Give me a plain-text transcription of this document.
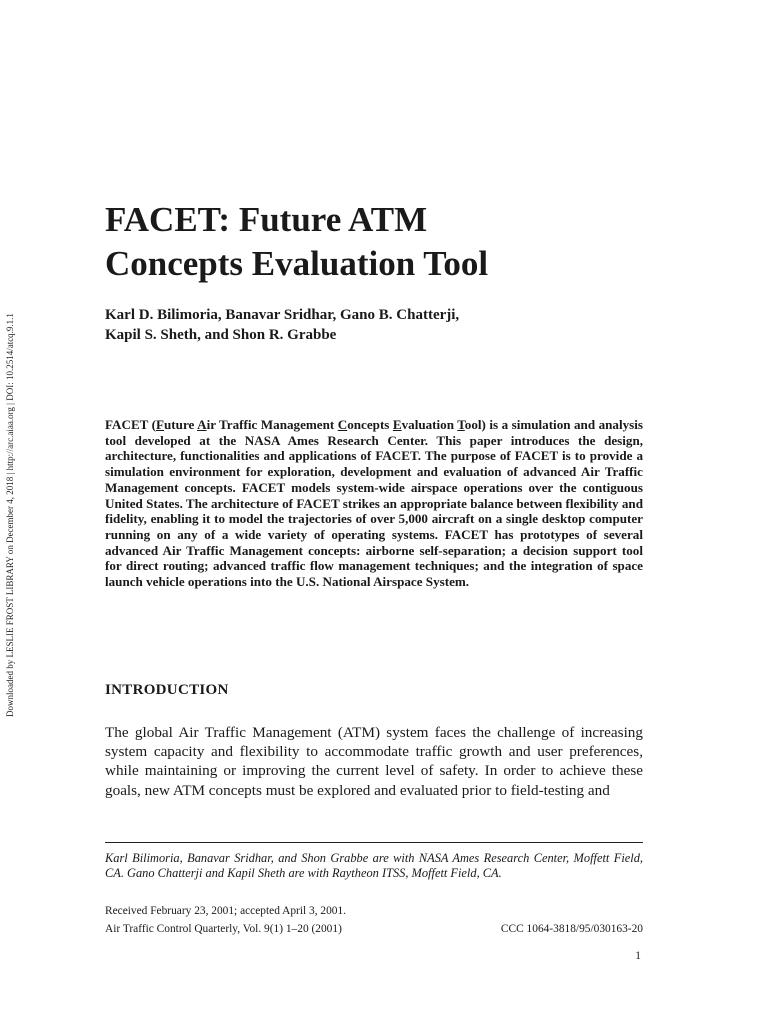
Downloaded by LESLIE FROST LIBRARY on December 4, 2018 | http://arc.aiaa.org | DOI: 10.2514/atcq.9.1.1
FACET: Future ATM
Concepts Evaluation Tool
Karl D. Bilimoria, Banavar Sridhar, Gano B. Chatterji,
Kapil S. Sheth, and Shon R. Grabbe

FACET (Future Air Traffic Management Concepts Evaluation Tool) is a simulation and analysis tool developed at the NASA Ames Research Center. This paper introduces the design, architecture, functionalities and applications of FACET. The purpose of FACET is to provide a simulation environment for exploration, development and evaluation of advanced Air Traffic Management concepts. FACET models system-wide airspace operations over the contiguous United States. The architecture of FACET strikes an appropriate balance between flexibility and fidelity, enabling it to model the trajectories of over 5,000 aircraft on a single desktop computer running on any of a wide variety of operating systems. FACET has prototypes of several advanced Air Traffic Management concepts: airborne self-separation; a decision support tool for direct routing; advanced traffic flow management techniques; and the integration of space launch vehicle operations into the U.S. National Airspace System.

INTRODUCTION

The global Air Traffic Management (ATM) system faces the challenge of increasing system capacity and flexibility to accommodate traffic growth and user preferences, while maintaining or improving the current level of safety. In order to achieve these goals, new ATM concepts must be explored and evaluated prior to field-testing and

Karl Bilimoria, Banavar Sridhar, and Shon Grabbe are with NASA Ames Research Center, Moffett Field, CA. Gano Chatterji and Kapil Sheth are with Raytheon ITSS, Moffett Field, CA.

Received February 23, 2001; accepted April 3, 2001.
Air Traffic Control Quarterly, Vol. 9(1) 1–20 (2001)	CCC 1064-3818/95/030163-20
1
